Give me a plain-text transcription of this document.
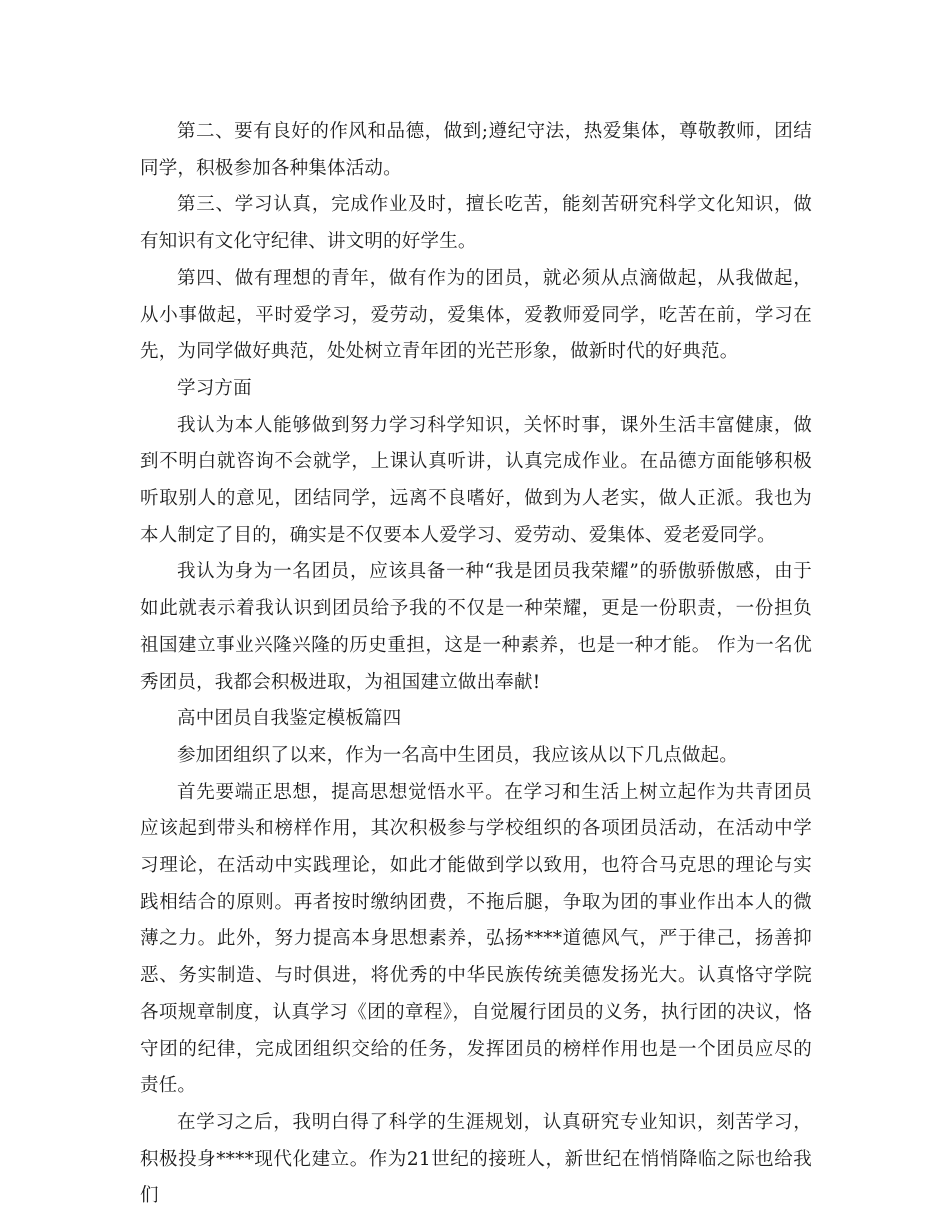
第二、要有良好的作风和品德，做到;遵纪守法，热爱集体，尊敬教师，团结同学，积极参加各种集体活动。

第三、学习认真，完成作业及时，擅长吃苦，能刻苦研究科学文化知识，做有知识有文化守纪律、讲文明的好学生。

第四、做有理想的青年，做有作为的团员，就必须从点滴做起，从我做起，从小事做起，平时爱学习，爱劳动，爱集体，爱教师爱同学，吃苦在前，学习在先，为同学做好典范，处处树立青年团的光芒形象，做新时代的好典范。

学习方面

我认为本人能够做到努力学习科学知识，关怀时事，课外生活丰富健康，做到不明白就咨询不会就学，上课认真听讲，认真完成作业。在品德方面能够积极听取别人的意见，团结同学，远离不良嗜好，做到为人老实，做人正派。我也为本人制定了目的，确实是不仅要本人爱学习、爱劳动、爱集体、爱老爱同学。

我认为身为一名团员，应该具备一种“我是团员我荣耀”的骄傲骄傲感，由于如此就表示着我认识到团员给予我的不仅是一种荣耀，更是一份职责，一份担负祖国建立事业兴隆兴隆的历史重担，这是一种素养，也是一种才能。 作为一名优秀团员，我都会积极进取，为祖国建立做出奉献!

高中团员自我鉴定模板篇四

参加团组织了以来，作为一名高中生团员，我应该从以下几点做起。

首先要端正思想，提高思想觉悟水平。在学习和生活上树立起作为共青团员应该起到带头和榜样作用，其次积极参与学校组织的各项团员活动，在活动中学习理论，在活动中实践理论，如此才能做到学以致用，也符合马克思的理论与实践相结合的原则。再者按时缴纳团费，不拖后腿，争取为团的事业作出本人的微薄之力。此外，努力提高本身思想素养，弘扬****道德风气，严于律己，扬善抑恶、务实制造、与时俱进，将优秀的中华民族传统美德发扬光大。认真恪守学院各项规章制度，认真学习《团的章程》，自觉履行团员的义务，执行团的决议，恪守团的纪律，完成团组织交给的任务，发挥团员的榜样作用也是一个团员应尽的责任。

在学习之后，我明白得了科学的生涯规划，认真研究专业知识，刻苦学习，积极投身****现代化建立。作为21世纪的接班人，新世纪在悄悄降临之际也给我们
